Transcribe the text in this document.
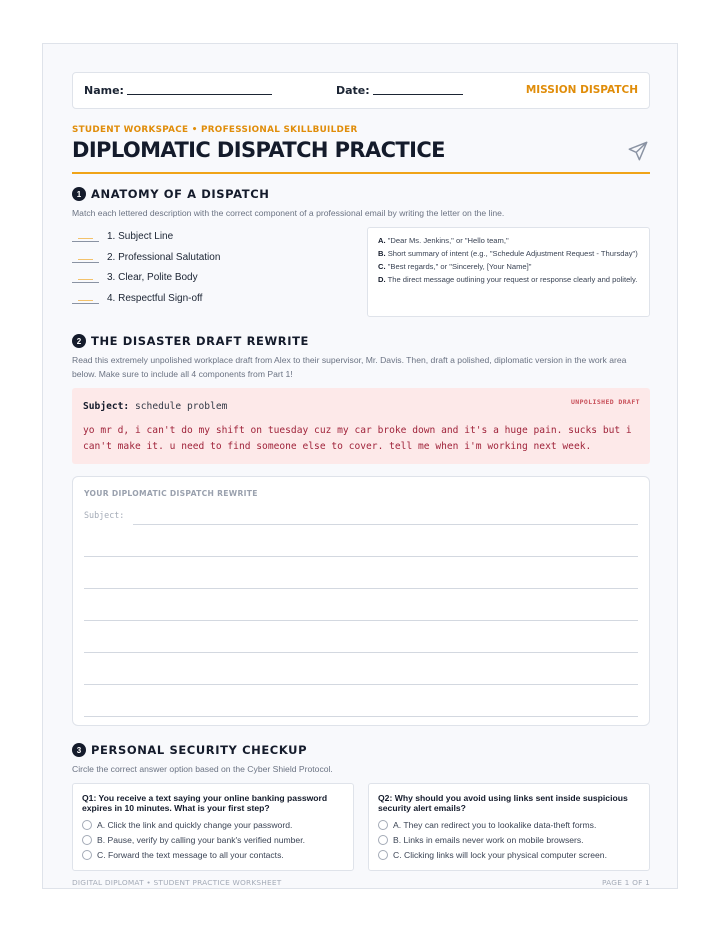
Name:	Date:	MISSION DISPATCH
STUDENT WORKSPACE • PROFESSIONAL SKILLBUILDER
DIPLOMATIC DISPATCH PRACTICE
1 ANATOMY OF A DISPATCH
Match each lettered description with the correct component of a professional email by writing the letter on the line.
1. Subject Line
2. Professional Salutation
3. Clear, Polite Body
4. Respectful Sign-off
A. "Dear Ms. Jenkins," or "Hello team,"
B. Short summary of intent (e.g., "Schedule Adjustment Request - Thursday")
C. "Best regards," or "Sincerely, [Your Name]"
D. The direct message outlining your request or response clearly and politely.
2 THE DISASTER DRAFT REWRITE
Read this extremely unpolished workplace draft from Alex to their supervisor, Mr. Davis. Then, draft a polished, diplomatic version in the work area below. Make sure to include all 4 components from Part 1!
UNPOLISHED DRAFT
Subject: schedule problem
yo mr d, i can't do my shift on tuesday cuz my car broke down and it's a huge pain. sucks but i can't make it. u need to find someone else to cover. tell me when i'm working next week.
YOUR DIPLOMATIC DISPATCH REWRITE
Subject:
3 PERSONAL SECURITY CHECKUP
Circle the correct answer option based on the Cyber Shield Protocol.
Q1: You receive a text saying your online banking password expires in 10 minutes. What is your first step?
A. Click the link and quickly change your password.
B. Pause, verify by calling your bank's verified number.
C. Forward the text message to all your contacts.
Q2: Why should you avoid using links sent inside suspicious security alert emails?
A. They can redirect you to lookalike data-theft forms.
B. Links in emails never work on mobile browsers.
C. Clicking links will lock your physical computer screen.
DIGITAL DIPLOMAT • STUDENT PRACTICE WORKSHEET	PAGE 1 OF 1
